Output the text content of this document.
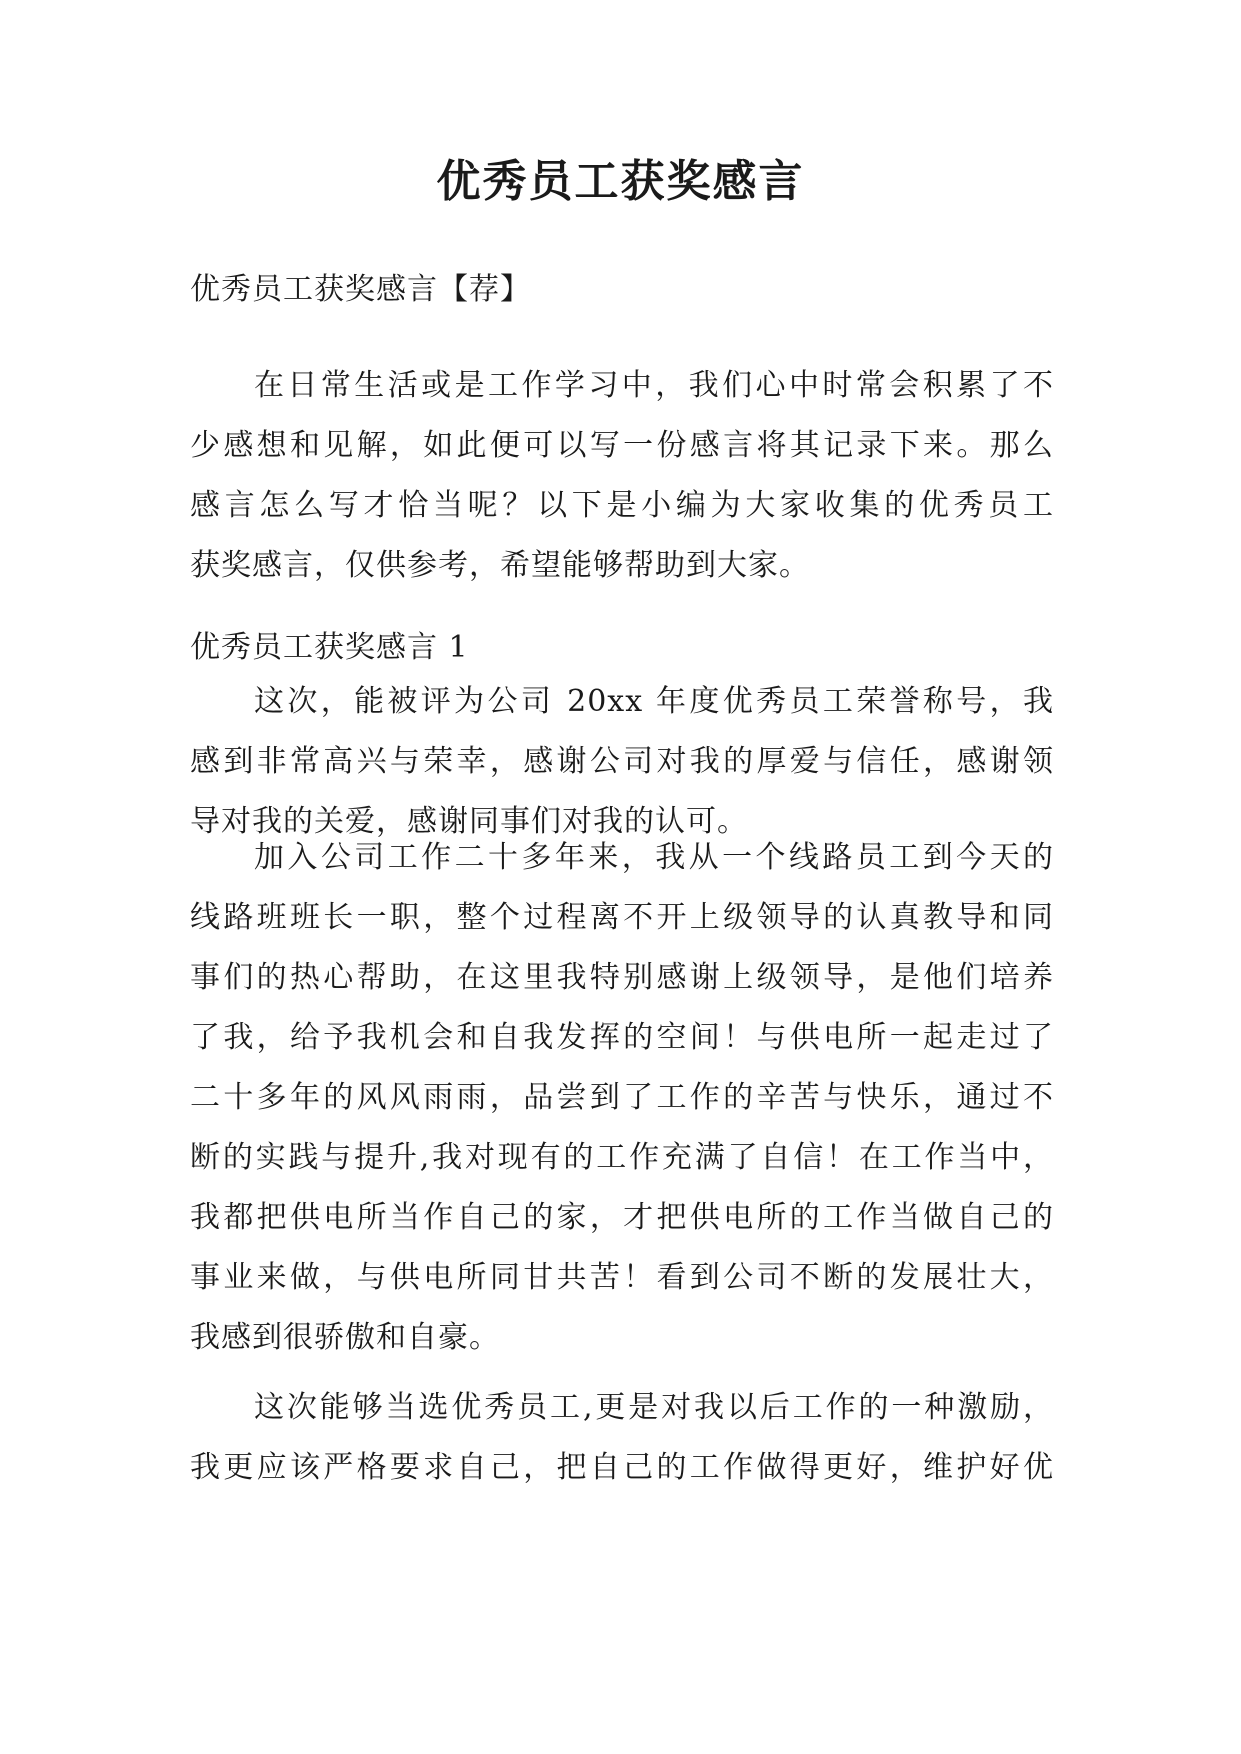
优秀员工获奖感言
优秀员工获奖感言【荐】
在日常生活或是工作学习中，我们心中时常会积累了不
少感想和见解，如此便可以写一份感言将其记录下来。那么
感言怎么写才恰当呢？以下是小编为大家收集的优秀员工
获奖感言，仅供参考，希望能够帮助到大家。
优秀员工获奖感言 1
这次，能被评为公司 20xx 年度优秀员工荣誉称号，我
感到非常高兴与荣幸，感谢公司对我的厚爱与信任，感谢领
导对我的关爱，感谢同事们对我的认可。
加入公司工作二十多年来，我从一个线路员工到今天的
线路班班长一职，整个过程离不开上级领导的认真教导和同
事们的热心帮助，在这里我特别感谢上级领导，是他们培养
了我，给予我机会和自我发挥的空间！与供电所一起走过了
二十多年的风风雨雨，品尝到了工作的辛苦与快乐，通过不
断的实践与提升,我对现有的工作充满了自信！在工作当中，
我都把供电所当作自己的家，才把供电所的工作当做自己的
事业来做，与供电所同甘共苦！看到公司不断的发展壮大，
我感到很骄傲和自豪。
这次能够当选优秀员工,更是对我以后工作的一种激励，
我更应该严格要求自己，把自己的工作做得更好，维护好优
